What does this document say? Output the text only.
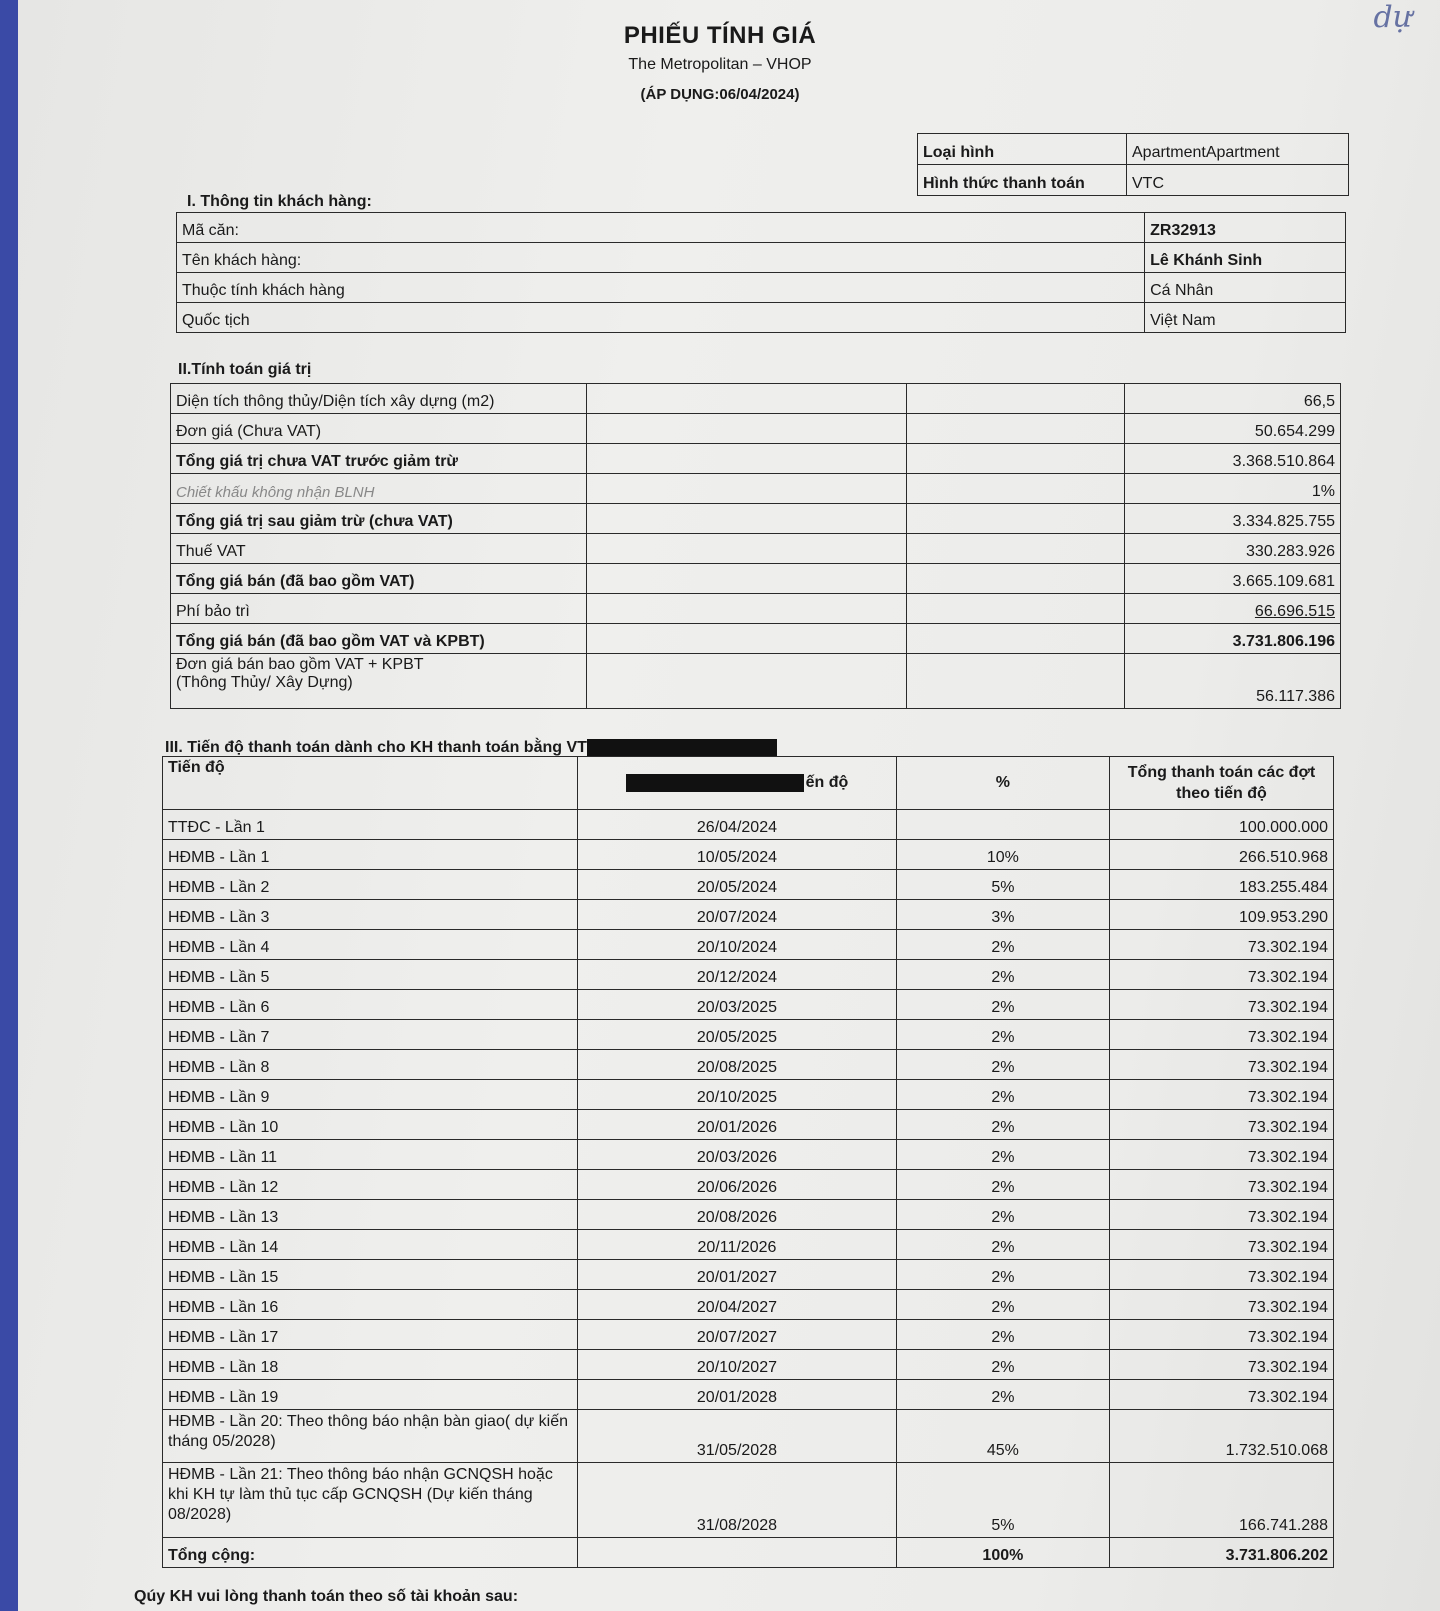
dự
PHIẾU TÍNH GIÁ
The Metropolitan – VHOP
(ÁP DỤNG:06/04/2024)
Loại hình	ApartmentApartment
Hình thức thanh toán	VTC
I. Thông tin khách hàng:
Mã căn:	ZR32913
Tên khách hàng:	Lê Khánh Sinh
Thuộc tính khách hàng	Cá Nhân
Quốc tịch	Việt Nam
II.Tính toán giá trị
Diện tích thông thủy/Diện tích xây dựng (m2)			66,5
Đơn giá (Chưa VAT)			50.654.299
Tổng giá trị chưa VAT trước giảm trừ			3.368.510.864
Chiết khấu không nhận BLNH			1%
Tổng giá trị sau giảm trừ (chưa VAT)			3.334.825.755
Thuế VAT			330.283.926
Tổng giá bán (đã bao gồm VAT)			3.665.109.681
Phí bảo trì			66.696.515
Tổng giá bán (đã bao gồm VAT và KPBT)			3.731.806.196
Đơn giá bán bao gồm VAT + KPBT
(Thông Thủy/ Xây Dựng)			56.117.386
III. Tiến độ thanh toán dành cho KH thanh toán bằng VT
Tiến độ	ến độ	%	Tổng thanh toán các đợt theo tiến độ
TTĐC - Lần 1	26/04/2024		100.000.000
HĐMB - Lần 1	10/05/2024	10%	266.510.968
HĐMB - Lần 2	20/05/2024	5%	183.255.484
HĐMB - Lần 3	20/07/2024	3%	109.953.290
HĐMB - Lần 4	20/10/2024	2%	73.302.194
HĐMB - Lần 5	20/12/2024	2%	73.302.194
HĐMB - Lần 6	20/03/2025	2%	73.302.194
HĐMB - Lần 7	20/05/2025	2%	73.302.194
HĐMB - Lần 8	20/08/2025	2%	73.302.194
HĐMB - Lần 9	20/10/2025	2%	73.302.194
HĐMB - Lần 10	20/01/2026	2%	73.302.194
HĐMB - Lần 11	20/03/2026	2%	73.302.194
HĐMB - Lần 12	20/06/2026	2%	73.302.194
HĐMB - Lần 13	20/08/2026	2%	73.302.194
HĐMB - Lần 14	20/11/2026	2%	73.302.194
HĐMB - Lần 15	20/01/2027	2%	73.302.194
HĐMB - Lần 16	20/04/2027	2%	73.302.194
HĐMB - Lần 17	20/07/2027	2%	73.302.194
HĐMB - Lần 18	20/10/2027	2%	73.302.194
HĐMB - Lần 19	20/01/2028	2%	73.302.194
HĐMB - Lần 20: Theo thông báo nhận bàn giao( dự kiến tháng 05/2028)	31/05/2028	45%	1.732.510.068
HĐMB - Lần 21: Theo thông báo nhận GCNQSH hoặc khi KH tự làm thủ tục cấp GCNQSH (Dự kiến tháng 08/2028)	31/08/2028	5%	166.741.288
Tổng cộng:		100%	3.731.806.202
Qúy KH vui lòng thanh toán theo số tài khoản sau:
